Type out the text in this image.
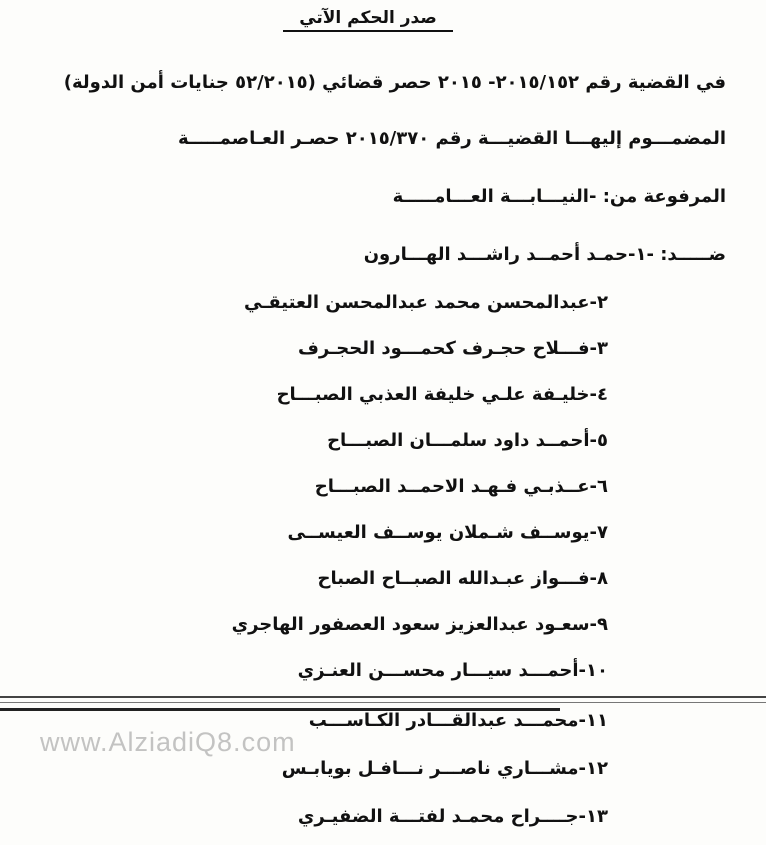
صدر الحكم الآتي
في القضية رقم ٢٠١٥/١٥٢- ٢٠١٥ حصر قضائي (٥٢/٢٠١٥ جنايات أمن الدولة)
المضمـــوم إليهـــا القضيـــة رقم ٢٠١٥/٣٧٠ حصـر العـاصمـــــة
المرفوعة من: -النيـــابـــة العـــامـــــة
ضـــــد: -١-حمـد أحمــد راشـــد الهـــارون
٢-عبدالمحسن محمد عبدالمحسن العتيقـي
٣-فـــلاح حجـرف كحمـــود الحجـرف
٤-خليـفة علـي خليفة العذبي الصبـــاح
٥-أحمــد داود سلمـــان الصبـــاح
٦-عــذبـي فـهـد الاحمــد الصبـــاح
٧-يوســف شـملان يوســف العيســى
٨-فـــواز عبـدالله الصبــاح الصباح
٩-سعـود عبدالعزيز سعود العصفور الهاجري
١٠-أحمـــد سيـــار محســـن العنـزي
١١-محمـــد عبدالقـــادر الكـاســـب
١٢-مشـــاري ناصـــر نـــافـل بويابـس
١٣-جــــراح محمـد لفتـــة الضفيـري
www.AlziadiQ8.com
